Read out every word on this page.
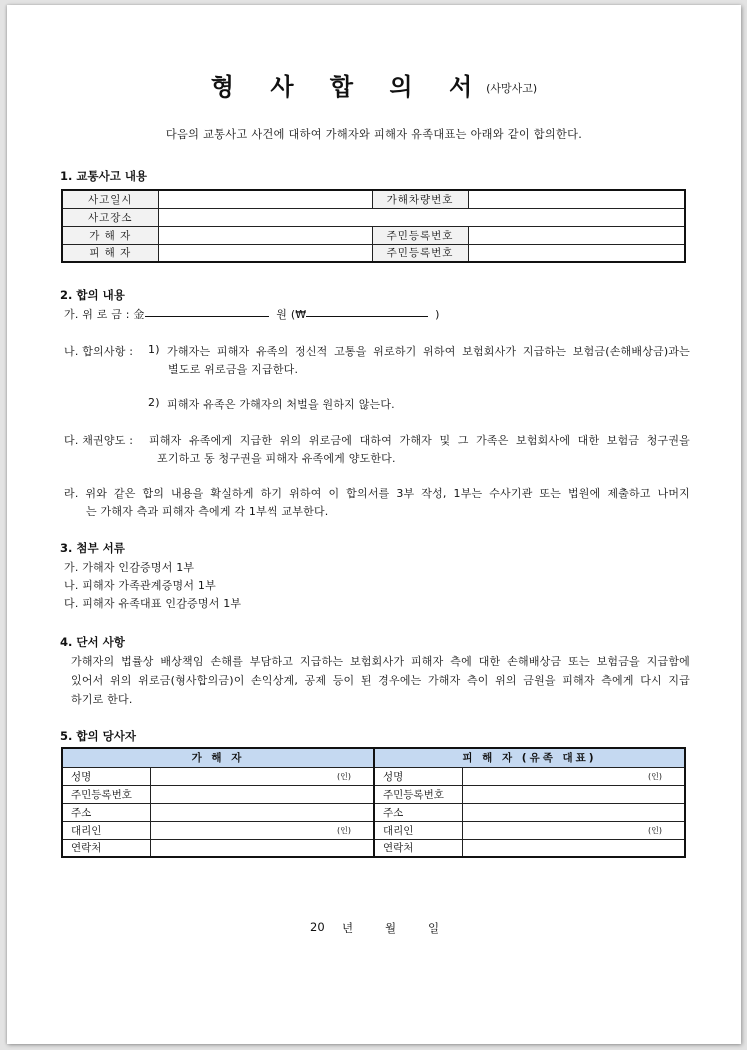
형 사 합 의 서$^{(사망사고)}$
다음의 교통사고 사건에 대하여 가해자와 피해자 유족대표는 아래와 같이 합의한다.
1. 교통사고 내용
사고일시		가해차량번호	
사고장소			
가 해 자		주민등록번호	
피 해 자		주민등록번호	
2. 합의 내용
가. 위 로 금 : 金	원 (₩	)
나. 합의사항 : 1) 가해자는 피해자 유족의 정신적 고통을 위로하기 위하여 보험회사가 지급하는 보험금(손해배상금)과는
별도로 위로금을 지급한다.
2) 피해자 유족은 가해자의 처벌을 원하지 않는다.
다. 채권양도 : 피해자 유족에게 지급한 위의 위로금에 대하여 가해자 및 그 가족은 보험회사에 대한 보험금 청구권을
포기하고 동 청구권을 피해자 유족에게 양도한다.
라. 위와 같은 합의 내용을 확실하게 하기 위하여 이 합의서를 3부 작성, 1부는 수사기관 또는 법원에 제출하고 나머지
는 가해자 측과 피해자 측에게 각 1부씩 교부한다.
3. 첨부 서류
가. 가해자 인감증명서 1부
나. 피해자 가족관계증명서 1부
다. 피해자 유족대표 인감증명서 1부
4. 단서 사항
가해자의 법률상 배상책임 손해를 부담하고 지급하는 보험회사가 피해자 측에 대한 손해배상금 또는 보험금을 지급함에
있어서 위의 위로금(형사합의금)이 손익상계, 공제 등이 된 경우에는 가해자 측이 위의 금원을 피해자 측에게 다시 지급
하기로 한다.
5. 합의 당사자
가 해 자		피 해 자 (유족 대표)	
성명	(인)	성명	(인)
주민등록번호		주민등록번호	
주소		주소	
대리인	(인)	대리인	(인)
연락처		연락처	
20 년	월	일
